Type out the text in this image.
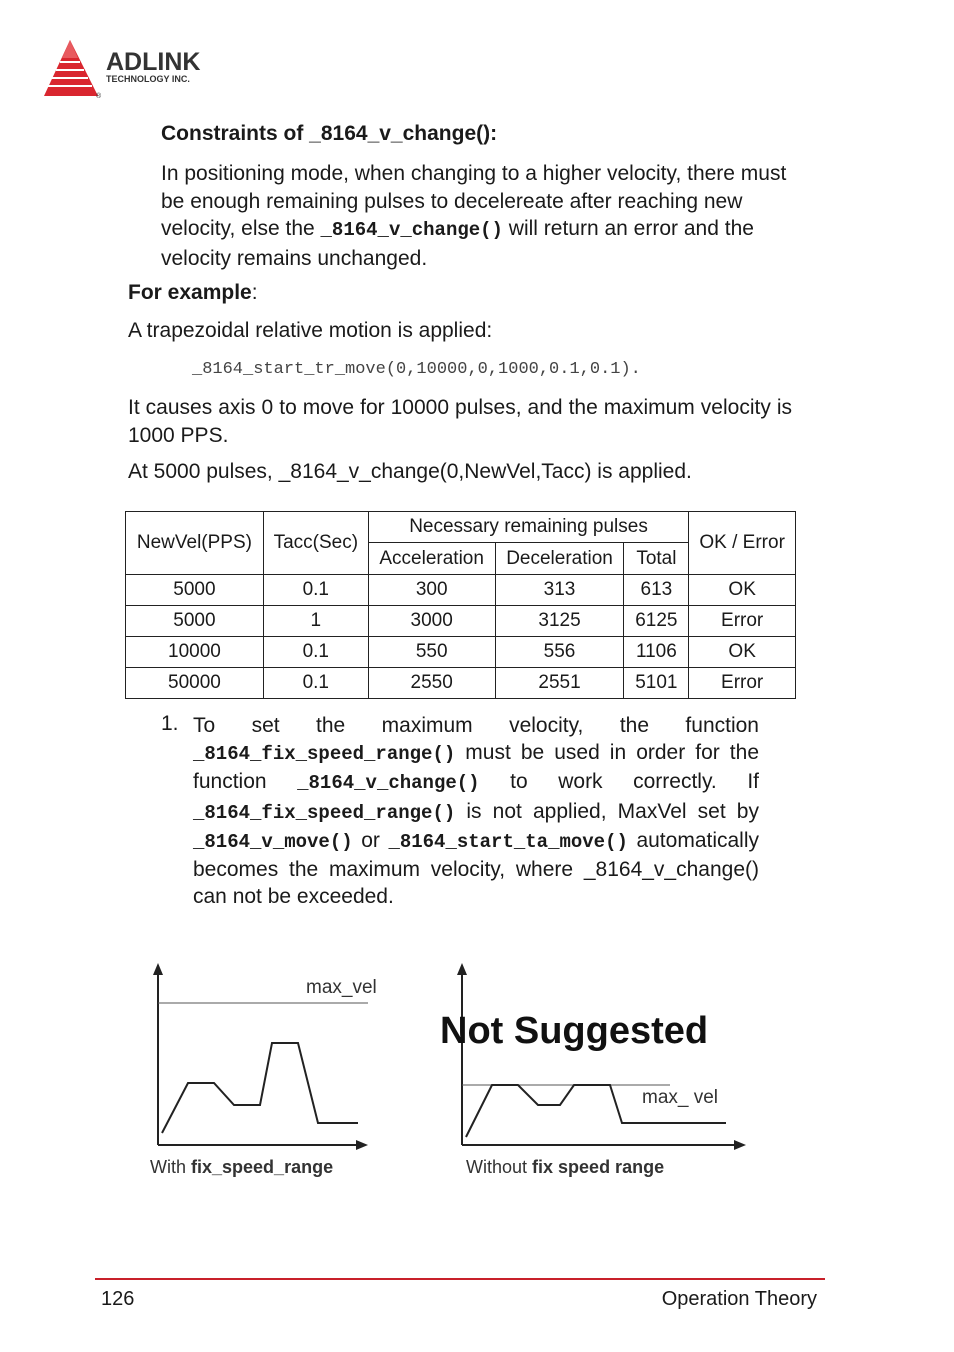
ADLINK
TECHNOLOGY INC.
®
Constraints of _8164_v_change():
In positioning mode, when changing to a higher velocity, there must be enough remaining pulses to decelereate after reaching new velocity, else the _8164_v_change() will return an error and the velocity remains unchanged.
For example:
A trapezoidal relative motion is applied:
_8164_start_tr_move(0,10000,0,1000,0.1,0.1).
It causes axis 0 to move for 10000 pulses, and the maximum velocity is 1000 PPS.
At 5000 pulses, _8164_v_change(0,NewVel,Tacc) is applied.
NewVel(PPS)	Tacc(Sec)	Necessary remaining pulses			OK / Error
		Acceleration	Deceleration	Total	
5000	0.1	300	313	613	OK
5000	1	3000	3125	6125	Error
10000	0.1	550	556	1106	OK
50000	0.1	2550	2551	5101	Error
1. To set the maximum velocity, the function _8164_fix_speed_range() must be used in order for the function _8164_v_change() to work correctly. If _8164_fix_speed_range() is not applied, MaxVel set by _8164_v_move() or _8164_start_ta_move() automatically becomes the maximum velocity, where _8164_v_change() can not be exceeded.
max_vel
With fix_speed_range
Not Suggested
max_ vel
Without fix speed range
126	Operation Theory
